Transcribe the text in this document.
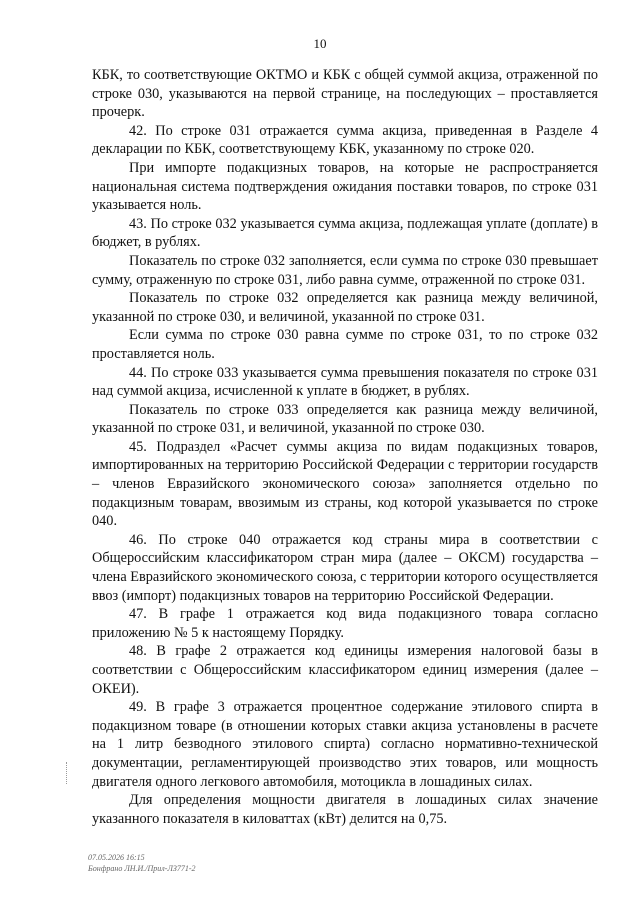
10

КБК, то соответствующие ОКТМО и КБК с общей суммой акциза, отраженной по строке 030, указываются на первой странице, на последующих – проставляется прочерк.

42. По строке 031 отражается сумма акциза, приведенная в Разделе 4 декларации по КБК, соответствующему КБК, указанному по строке 020.

При импорте подакцизных товаров, на которые не распространяется национальная система подтверждения ожидания поставки товаров, по строке 031 указывается ноль.

43. По строке 032 указывается сумма акциза, подлежащая уплате (доплате) в бюджет, в рублях.

Показатель по строке 032 заполняется, если сумма по строке 030 превышает сумму, отраженную по строке 031, либо равна сумме, отраженной по строке 031.

Показатель по строке 032 определяется как разница между величиной, указанной по строке 030, и величиной, указанной по строке 031.

Если сумма по строке 030 равна сумме по строке 031, то по строке 032 проставляется ноль.

44. По строке 033 указывается сумма превышения показателя по строке 031 над суммой акциза, исчисленной к уплате в бюджет, в рублях.

Показатель по строке 033 определяется как разница между величиной, указанной по строке 031, и величиной, указанной по строке 030.

45. Подраздел «Расчет суммы акциза по видам подакцизных товаров, импортированных на территорию Российской Федерации с территории государств – членов Евразийского экономического союза» заполняется отдельно по подакцизным товарам, ввозимым из страны, код которой указывается по строке 040.

46. По строке 040 отражается код страны мира в соответствии с Общероссийским классификатором стран мира (далее – ОКСМ) государства – члена Евразийского экономического союза, с территории которого осуществляется ввоз (импорт) подакцизных товаров на территорию Российской Федерации.

47. В графе 1 отражается код вида подакцизного товара согласно приложению № 5 к настоящему Порядку.

48. В графе 2 отражается код единицы измерения налоговой базы в соответствии с Общероссийским классификатором единиц измерения (далее – ОКЕИ).

49. В графе 3 отражается процентное содержание этилового спирта в подакцизном товаре (в отношении которых ставки акциза установлены в расчете на 1 литр безводного этилового спирта) согласно нормативно-технической документации, регламентирующей производство этих товаров, или мощность двигателя одного легкового автомобиля, мотоцикла в лошадиных силах.

Для определения мощности двигателя в лошадиных силах значение указанного показателя в киловаттах (кВт) делится на 0,75.

07.05.2026 16:15
Бонфрано ЛН.И./Прил-ЛЗ771-2
